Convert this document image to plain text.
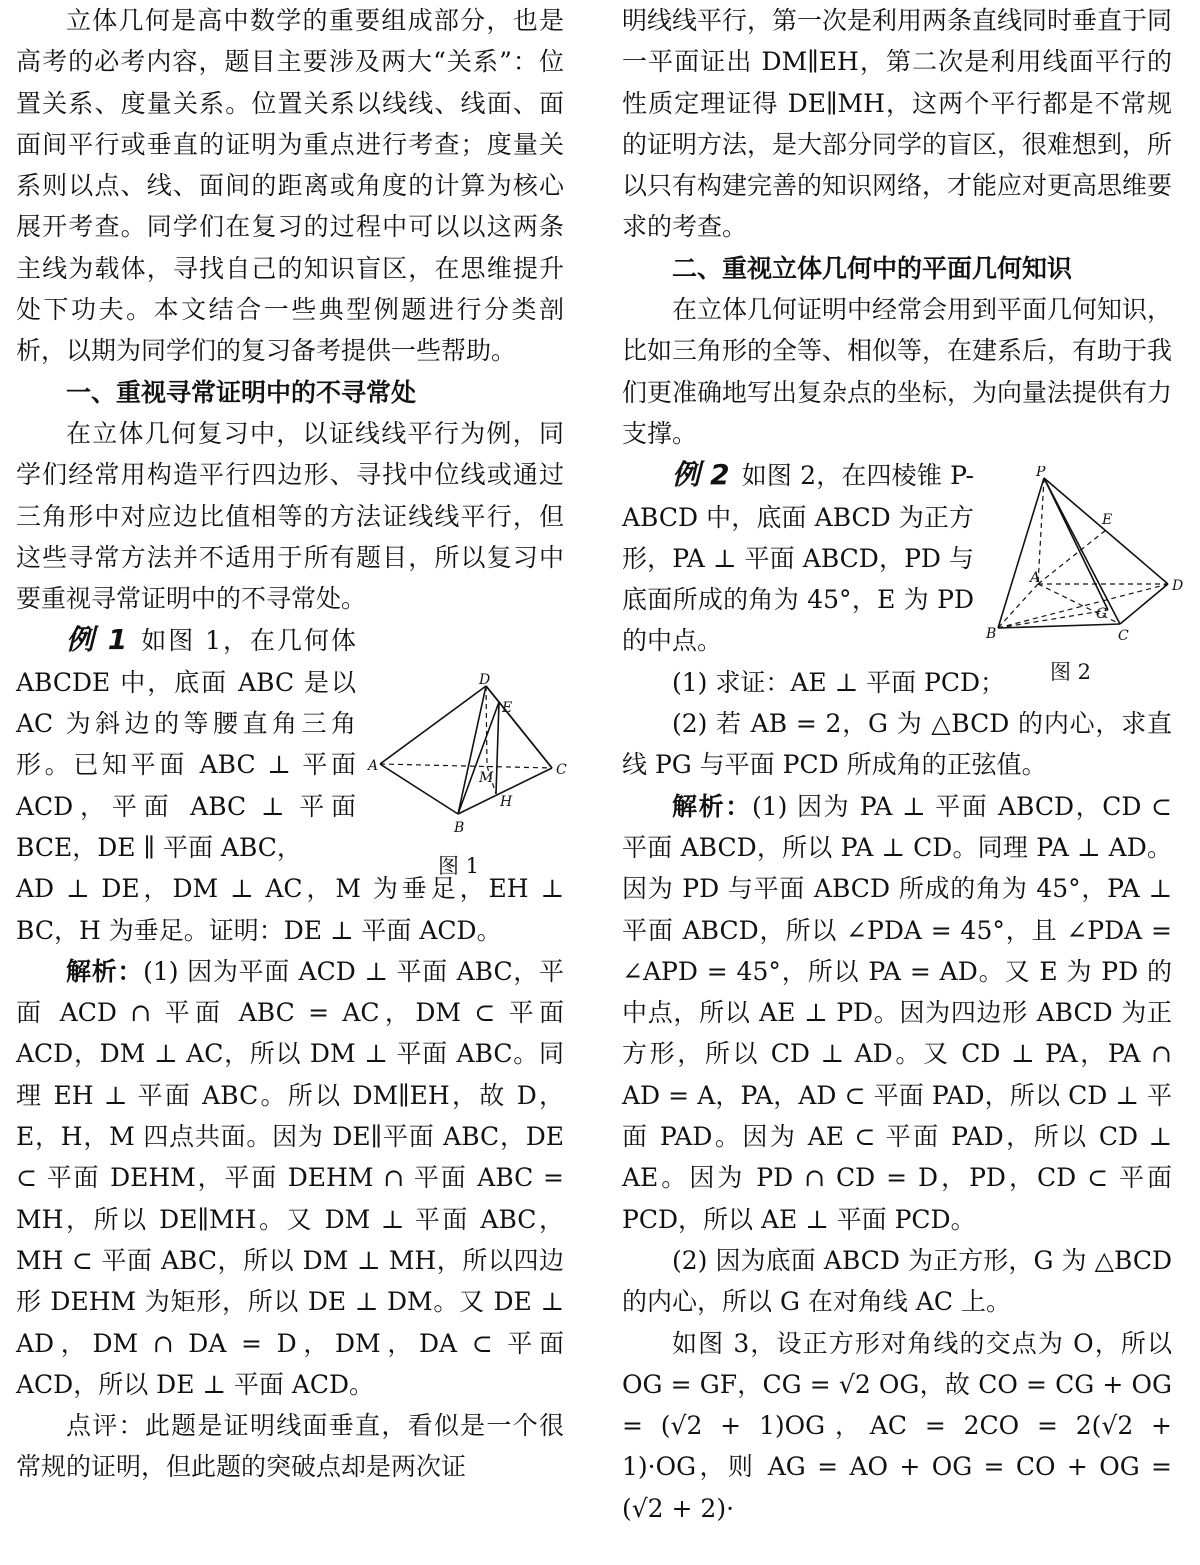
立体几何是高中数学的重要组成部分，也是高考的必考内容，题目主要涉及两大“关系”：位置关系、度量关系。位置关系以线线、线面、面面间平行或垂直的证明为重点进行考查；度量关系则以点、线、面间的距离或角度的计算为核心展开考查。同学们在复习的过程中可以以这两条主线为载体，寻找自己的知识盲区，在思维提升处下功夫。本文结合一些典型例题进行分类剖析，以期为同学们的复习备考提供一些帮助。

一、重视寻常证明中的不寻常处

在立体几何复习中，以证线线平行为例，同学们经常用构造平行四边形、寻找中位线或通过三角形中对应边比值相等的方法证线线平行，但这些寻常方法并不适用于所有题目，所以复习中要重视寻常证明中的不寻常处。

例 1 如图 1，在几何体 ABCDE 中，底面 ABC 是以 AC 为斜边的等腰直角三角形。已知平面 ABC ⊥ 平面 ACD，平面 ABC ⊥ 平面 BCE，DE ∥ 平面 ABC，

AD ⊥ DE，DM ⊥ AC，M 为垂足，EH ⊥ BC，H 为垂足。证明：DE ⊥ 平面 ACD。

解析：(1) 因为平面 ACD ⊥ 平面 ABC，平面 ACD ∩ 平面 ABC = AC，DM ⊂ 平面 ACD，DM ⊥ AC，所以 DM ⊥ 平面 ABC。同理 EH ⊥ 平面 ABC。所以 DM∥EH，故 D，E，H，M 四点共面。因为 DE∥平面 ABC，DE ⊂ 平面 DEHM，平面 DEHM ∩ 平面 ABC = MH，所以 DE∥MH。又 DM ⊥ 平面 ABC，MH ⊂ 平面 ABC，所以 DM ⊥ MH，所以四边形 DEHM 为矩形，所以 DE ⊥ DM。又 DE ⊥ AD，DM ∩ DA = D，DM，DA ⊂ 平面 ACD，所以 DE ⊥ 平面 ACD。

点评：此题是证明线面垂直，看似是一个很常规的证明，但此题的突破点却是两次证

D
E
A	C
M
H
B
图 1

明线线平行，第一次是利用两条直线同时垂直于同一平面证出 DM∥EH，第二次是利用线面平行的性质定理证得 DE∥MH，这两个平行都是不常规的证明方法，是大部分同学的盲区，很难想到，所以只有构建完善的知识网络，才能应对更高思维要求的考查。

二、重视立体几何中的平面几何知识

在立体几何证明中经常会用到平面几何知识，比如三角形的全等、相似等，在建系后，有助于我们更准确地写出复杂点的坐标，为向量法提供有力支撑。

例 2 如图 2，在四棱锥 P-ABCD 中，底面 ABCD 为正方形，PA ⊥ 平面 ABCD，PD 与底面所成的角为 45°，E 为 PD 的中点。

(1) 求证：AE ⊥ 平面 PCD；

(2) 若 AB = 2，G 为 △BCD 的内心，求直线 PG 与平面 PCD 所成角的正弦值。

解析：(1) 因为 PA ⊥ 平面 ABCD，CD ⊂ 平面 ABCD，所以 PA ⊥ CD。同理 PA ⊥ AD。因为 PD 与平面 ABCD 所成的角为 45°，PA ⊥ 平面 ABCD，所以 ∠PDA = 45°，且 ∠PDA = ∠APD = 45°，所以 PA = AD。又 E 为 PD 的中点，所以 AE ⊥ PD。因为四边形 ABCD 为正方形，所以 CD ⊥ AD。又 CD ⊥ PA，PA ∩ AD = A，PA，AD ⊂ 平面 PAD，所以 CD ⊥ 平面 PAD。因为 AE ⊂ 平面 PAD，所以 CD ⊥ AE。因为 PD ∩ CD = D，PD，CD ⊂ 平面 PCD，所以 AE ⊥ 平面 PCD。

(2) 因为底面 ABCD 为正方形，G 为 △BCD 的内心，所以 G 在对角线 AC 上。

如图 3，设正方形对角线的交点为 O，所以 OG = GF，CG = √2 OG，故 CO = CG + OG = (√2 + 1)OG，AC = 2CO = 2(√2 + 1)·OG，则 AG = AO + OG = CO + OG = (√2 + 2)·

P
E
A	D
G
B	C
图 2
